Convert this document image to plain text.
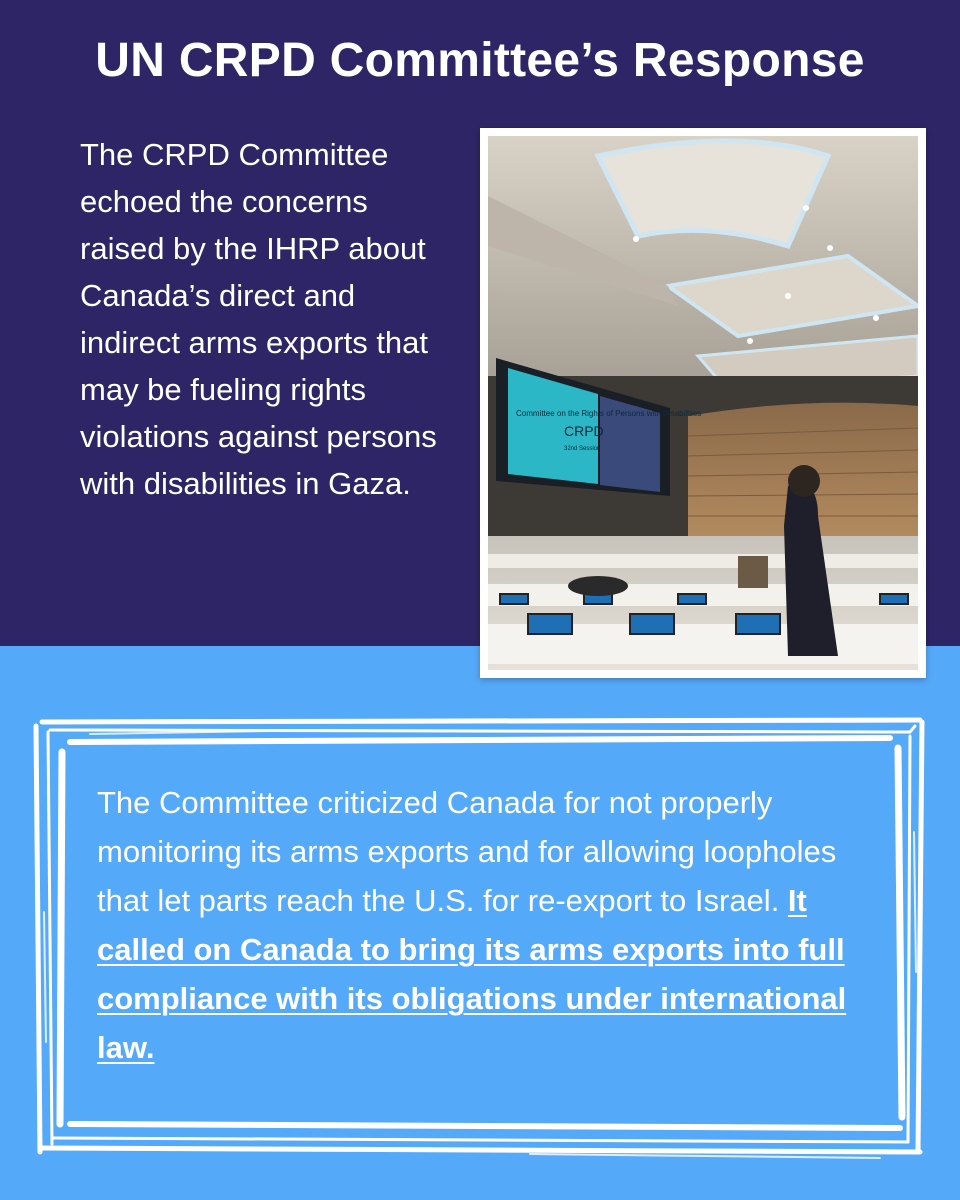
UN CRPD Committee’s Response

The CRPD Committee echoed the concerns raised by the IHRP about Canada’s direct and indirect arms exports that may be fueling rights violations against persons with disabilities in Gaza.

Committee on the Rights of Persons with Disabilities
CRPD
32nd Session

The Committee criticized Canada for not properly monitoring its arms exports and for allowing loopholes that let parts reach the U.S. for re-export to Israel. It called on Canada to bring its arms exports into full compliance with its obligations under international law.
